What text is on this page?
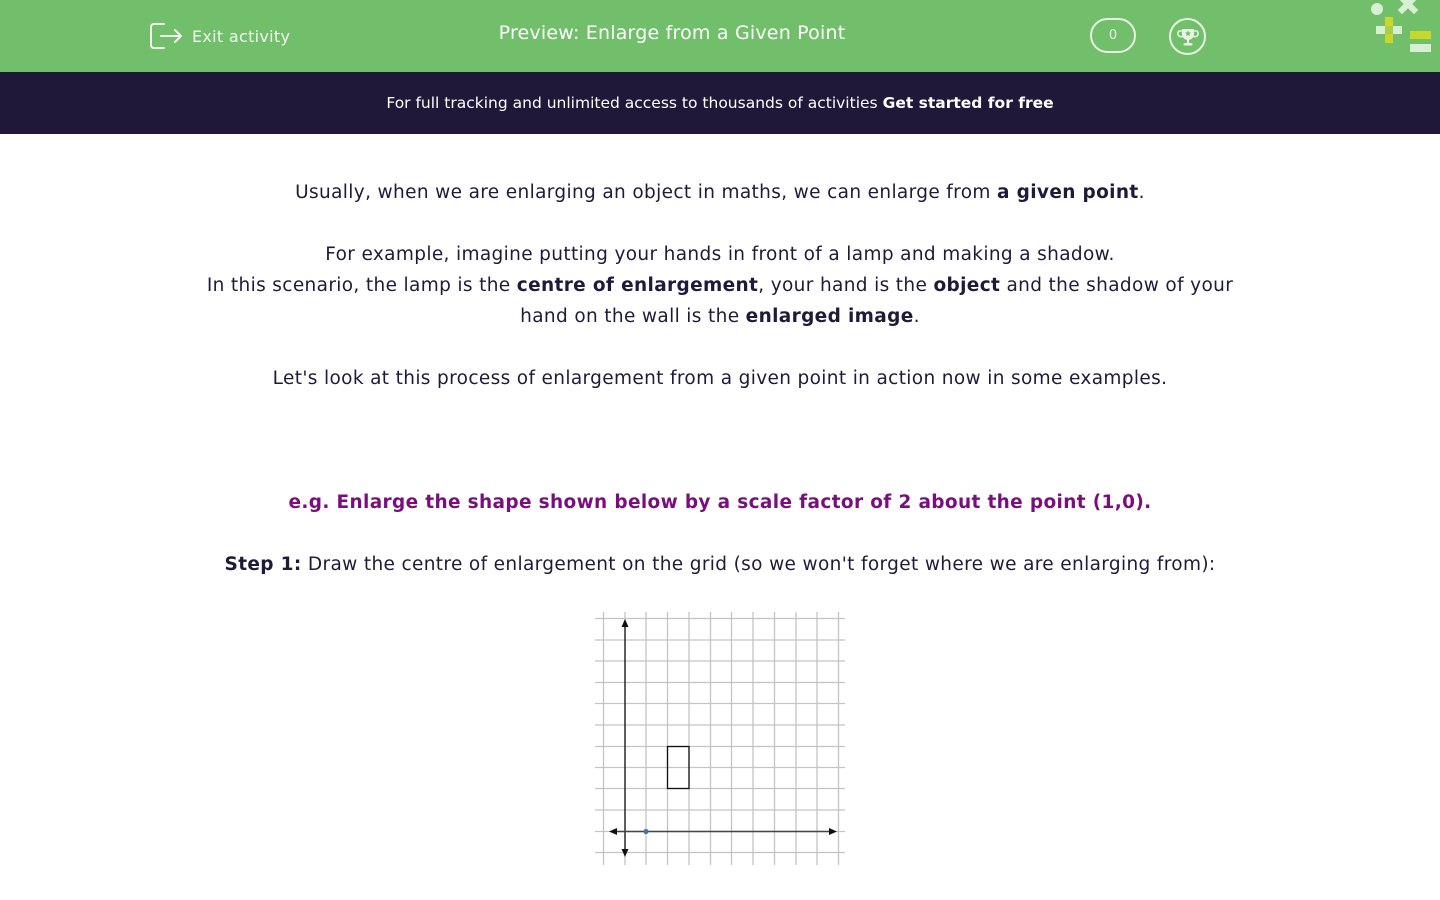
Exit activity	Preview: Enlarge from a Given Point	0
For full tracking and unlimited access to thousands of activities Get started for free
Usually, when we are enlarging an object in maths, we can enlarge from a given point.
For example, imagine putting your hands in front of a lamp and making a shadow.
In this scenario, the lamp is the centre of enlargement, your hand is the object and the shadow of your
hand on the wall is the enlarged image.
Let's look at this process of enlargement from a given point in action now in some examples.
e.g. Enlarge the shape shown below by a scale factor of 2 about the point (1,0).
Step 1: Draw the centre of enlargement on the grid (so we won't forget where we are enlarging from):
